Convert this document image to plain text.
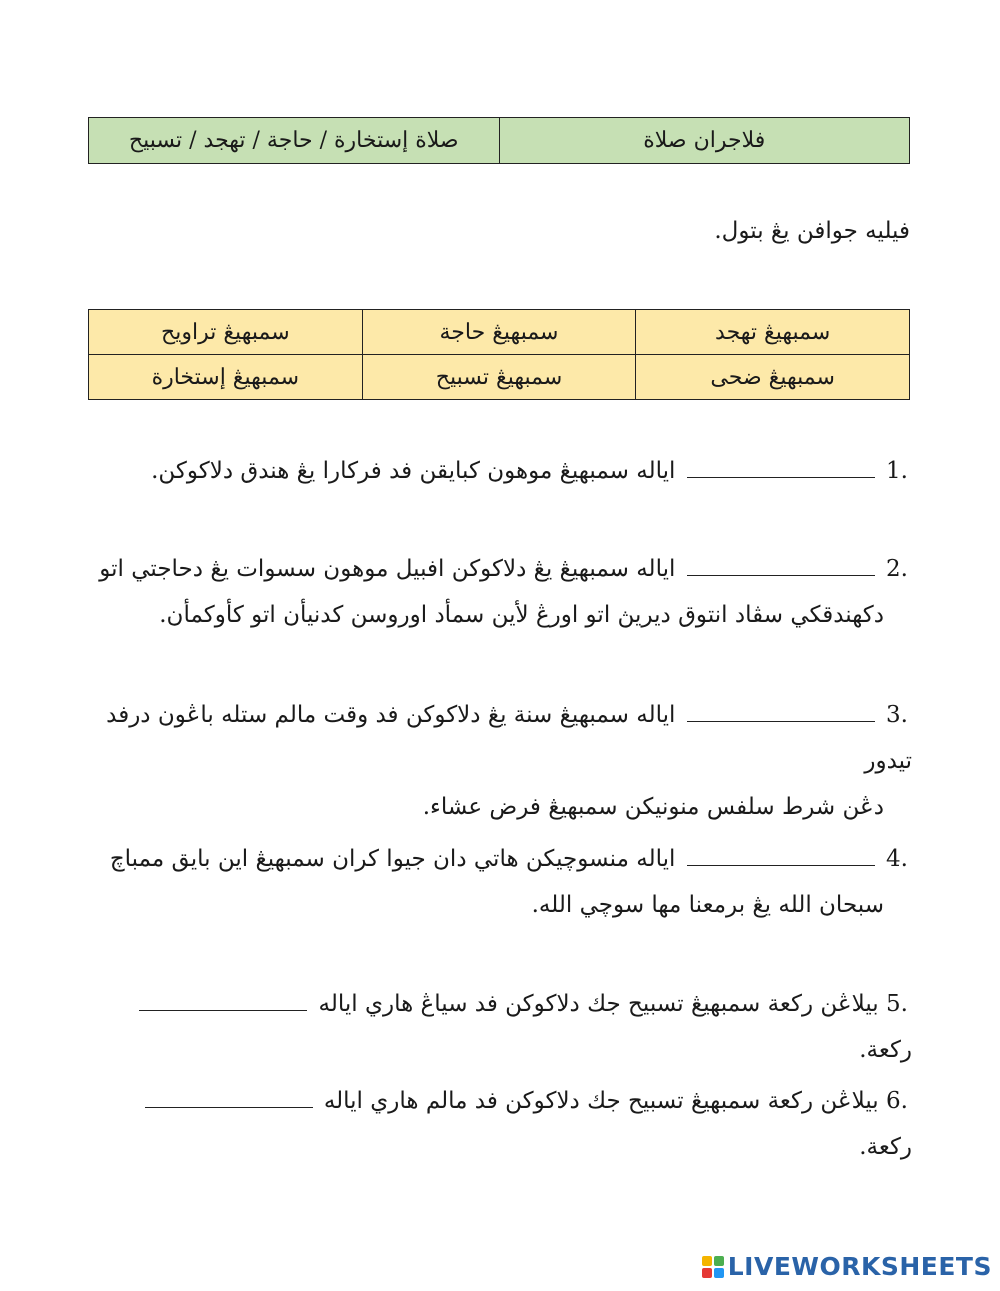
فلاجران صلاة	صلاة إستخارة / حاجة / تهجد / تسبيح
فيليه جوافن يڠ بتول.
سمبهيڠ تهجد	سمبهيڠ حاجة	سمبهيڠ تراويح
سمبهيڠ ضحى	سمبهيڠ تسبيح	سمبهيڠ إستخارة
1.  اياله سمبهيڠ موهون كبايقن فد فركارا يڠ هندق دلاكوكن.
2.  اياله سمبهيڠ يڠ دلاكوكن افبيل موهون سسوات يڠ دحاجتي اتو
دكهندقكي سڤاد انتوق ديريڽ اتو اورڠ لأين سمأد اوروسن كدنيأن اتو كأوكمأن.
3.  اياله سمبهيڠ سنة يڠ دلاكوكن فد وقت مالم ستله باڠون درفد تيدور
دڠن شرط سلفس منونيكن سمبهيڠ فرض عشاء.
4.  اياله منسوچيكن هاتي دان جيوا كران سمبهيڠ اين بايق ممباچ
سبحان الله يڠ برمعنا مها سوچي الله.
5. بيلاڠن ركعة سمبهيڠ تسبيح جك دلاكوكن فد سياڠ هاري اياله  ركعة.
6. بيلاڠن ركعة سمبهيڠ تسبيح جك دلاكوكن فد مالم هاري اياله  ركعة.
LIVEWORKSHEETS
